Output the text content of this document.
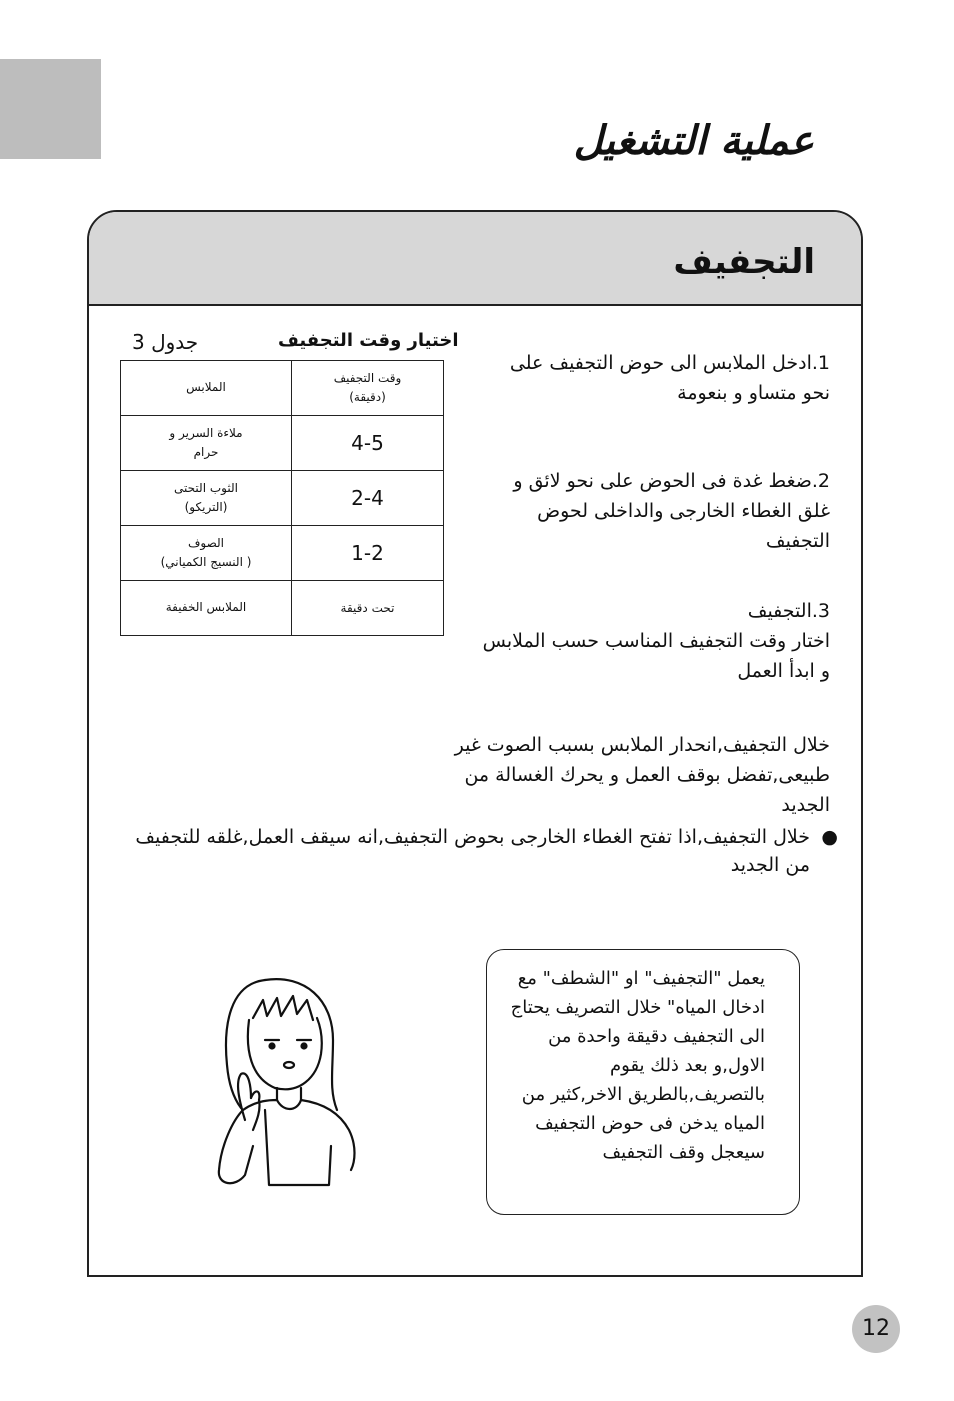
عملية التشغيل
التجفيف
اختيار وقت التجفيف
جدول 3
الملابس	وقت التجفيف
(دقيقة)
ملاءة السرير و
حرام	4-5
الثوب التحتى
(التريكو)	2-4
الصوف
( النسيج الكمياني)	1-2
الملابس الخفيفة	تحت دقيقة
1.ادخل الملابس الى حوض التجفيف على نحو متساو و بنعومة
2.ضغط غدة فى الحوض على نحو لائق و غلق الغطاء الخارجى والداخلى لحوض التجفيف
3.التجفيف
اختار وقت التجفيف المناسب حسب الملابس و ابدأ العمل
خلال التجفيف,انحدار الملابس بسبب الصوت غير طبيعى,تفضل بوقف العمل و يحرك الغسالة من الجديد
●
خلال التجفيف,اذا تفتح الغطاء الخارجى بحوض التجفيف,انه سيقف العمل,غلقه للتجفيف من الجديد
يعمل "التجفيف" او "الشطف" مع ادخال المياه" خلال التصريف يحتاج الى التجفيف دقيقة واحدة من الاول,و بعد ذلك يقوم بالتصريف,بالطريق الاخر,كثير من المياه يدخن فى حوض التجفيف سيعجل وقف التجفيف
12
